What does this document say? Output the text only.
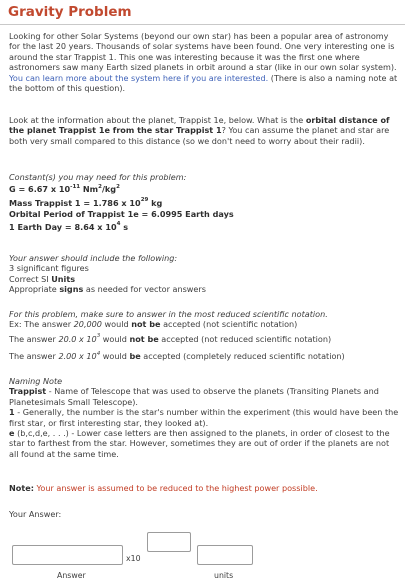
Gravity Problem

Looking for other Solar Systems (beyond our own star) has been a popular area of astronomy for the last 20 years. Thousands of solar systems have been found. One very interesting one is around the star Trappist 1. This one was interesting because it was the first one where astronomers saw many Earth sized planets in orbit around a star (like in our own solar system). You can learn more about the system here if you are interested. (There is also a naming note at the bottom of this question).

Look at the information about the planet, Trappist 1e, below. What is the orbital distance of the planet Trappist 1e from the star Trappist 1? You can assume the planet and star are both very small compared to this distance (so we don't need to worry about their radii).

Constant(s) you may need for this problem:
G = 6.67 x $10^{-11}$ $Nm^2/kg^2$
Mass Trappist 1 = 1.786 x $10^{29}$ kg
Orbital Period of Trappist 1e = 6.0995 Earth days
1 Earth Day = 8.64 x $10^4$ s
Your answer should include the following:
3 significant figures
Correct SI Units
Appropriate signs as needed for vector answers
For this problem, make sure to answer in the most reduced scientific notation.
Ex: The answer 20,000 would not be accepted (not scientific notation)
The answer 20.0 x $10^3$ would not be accepted (not reduced scientific notation)
The answer 2.00 x $10^4$ would be accepted (completely reduced scientific notation)
Naming Note
Trappist - Name of Telescope that was used to observe the planets (Transiting Planets and Planetesimals Small Telescope).
1 - Generally, the number is the star's number within the experiment (this would have been the first star, or first interesting star, they looked at).
e (b,c,d,e, . . .) - Lower case letters are then assigned to the planets, in order of closest to the star to farthest from the star. However, sometimes they are out of order if the planets are not all found at the same time.
Note: Your answer is assumed to be reduced to the highest power possible.
Your Answer:
x10
Answer	units
